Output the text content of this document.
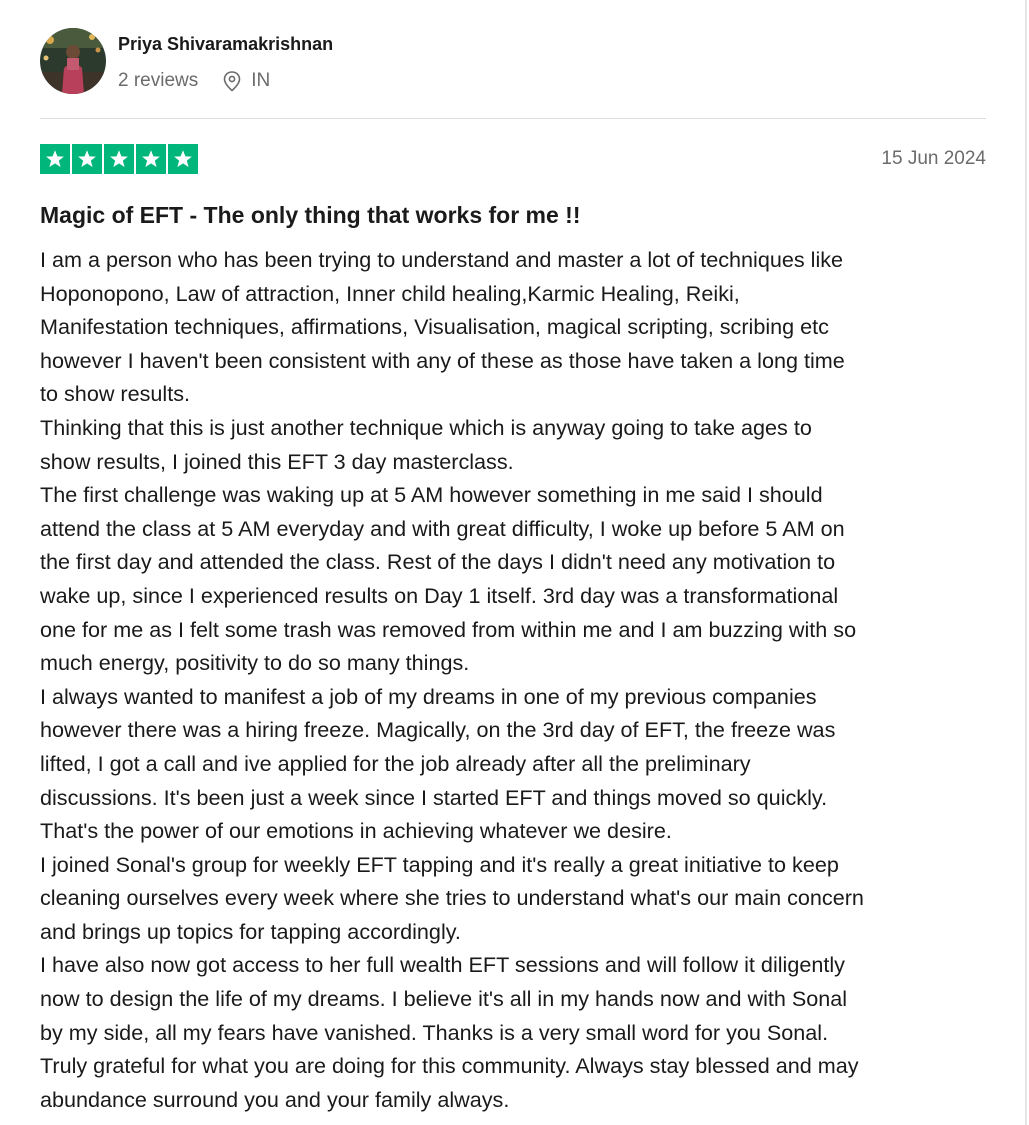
Priya Shivaramakrishnan
2 reviews	IN
15 Jun 2024
Magic of EFT - The only thing that works for me !!
I am a person who has been trying to understand and master a lot of techniques like
Hoponopono, Law of attraction, Inner child healing,Karmic Healing, Reiki,
Manifestation techniques, affirmations, Visualisation, magical scripting, scribing etc
however I haven't been consistent with any of these as those have taken a long time
to show results.
Thinking that this is just another technique which is anyway going to take ages to
show results, I joined this EFT 3 day masterclass.
The first challenge was waking up at 5 AM however something in me said I should
attend the class at 5 AM everyday and with great difficulty, I woke up before 5 AM on
the first day and attended the class. Rest of the days I didn't need any motivation to
wake up, since I experienced results on Day 1 itself. 3rd day was a transformational
one for me as I felt some trash was removed from within me and I am buzzing with so
much energy, positivity to do so many things.
I always wanted to manifest a job of my dreams in one of my previous companies
however there was a hiring freeze. Magically, on the 3rd day of EFT, the freeze was
lifted, I got a call and ive applied for the job already after all the preliminary
discussions. It's been just a week since I started EFT and things moved so quickly.
That's the power of our emotions in achieving whatever we desire.
I joined Sonal's group for weekly EFT tapping and it's really a great initiative to keep
cleaning ourselves every week where she tries to understand what's our main concern
and brings up topics for tapping accordingly.
I have also now got access to her full wealth EFT sessions and will follow it diligently
now to design the life of my dreams. I believe it's all in my hands now and with Sonal
by my side, all my fears have vanished. Thanks is a very small word for you Sonal.
Truly grateful for what you are doing for this community. Always stay blessed and may
abundance surround you and your family always.
